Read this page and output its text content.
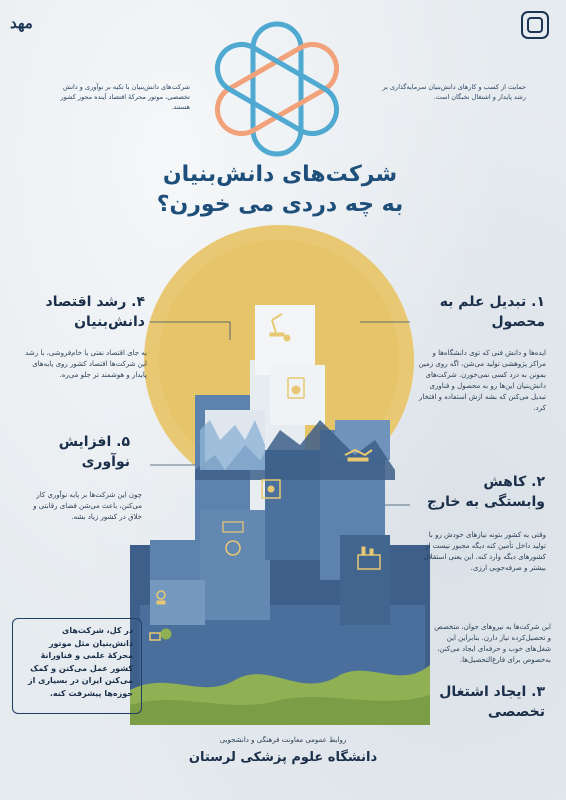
مهد
شرکت‌های دانش‌بنیان با تکیه بر نوآوری و دانش تخصصی، موتور محرکهٔ اقتصاد آینده محور کشور هستند.
حمایت از کسب و کارهای دانش‌بنیان سرمایه‌گذاری بر رشد پایدار و اشتغال نخبگان است.
شرکت‌های دانش‌بنیان
به چه دردی می خورن؟
۴. رشد اقتصاد دانش‌بنیان
به جای اقتصاد نفتی یا خام‌فروشی، با رشد این شرکت‌ها اقتصاد کشور روی پایه‌های پایدار و هوشمند تر جلو می‌ره.
۵. افزایش نوآوری
چون این شرکت‌ها بر پایه نوآوری کار می‌کنن، باعث می‌شن فضای رقابتی و خلاق در کشور زیاد بشه.
۱. تبدیل علم به محصول
ایده‌ها و دانش فنی که توی دانشگاه‌ها و مراکز پژوهشی تولید می‌شن، اگه روی زمین بمونن به درد کسی نمی‌خورن. شرکت‌های دانش‌بنیان این‌ها رو به محصول و فناوری تبدیل می‌کنن که بشه ازش استفاده و افتخار کرد.
۲. کاهش وابستگی به خارج
وقتی یه کشور بتونه نیازهای خودش رو با تولید داخل تأمین کنه دیگه مجبور نیست از کشورهای دیگه وارد کنه. این یعنی استقلال بیشتر و صرفه‌جویی ارزی.
این شرکت‌ها به نیروهای جوان، متخصص و تحصیل‌کرده نیاز دارن. بنابراین این شغل‌های خوب و حرفه‌ای ایجاد می‌کنن، به‌خصوص برای فارغ‌التحصیل‌ها.
۳. ایجاد اشتغال تخصصی
در کل، شرکت‌های دانش‌بنیان مثل موتور محرکهٔ علمی و فناورانهٔ کشور عمل می‌کنن و کمک می‌کنن ایران در بسیاری از حوزه‌ها پیشرفت کنه.
روابط عمومی معاونت فرهنگی و دانشجویی
دانشگاه علوم پزشکی لرستان
